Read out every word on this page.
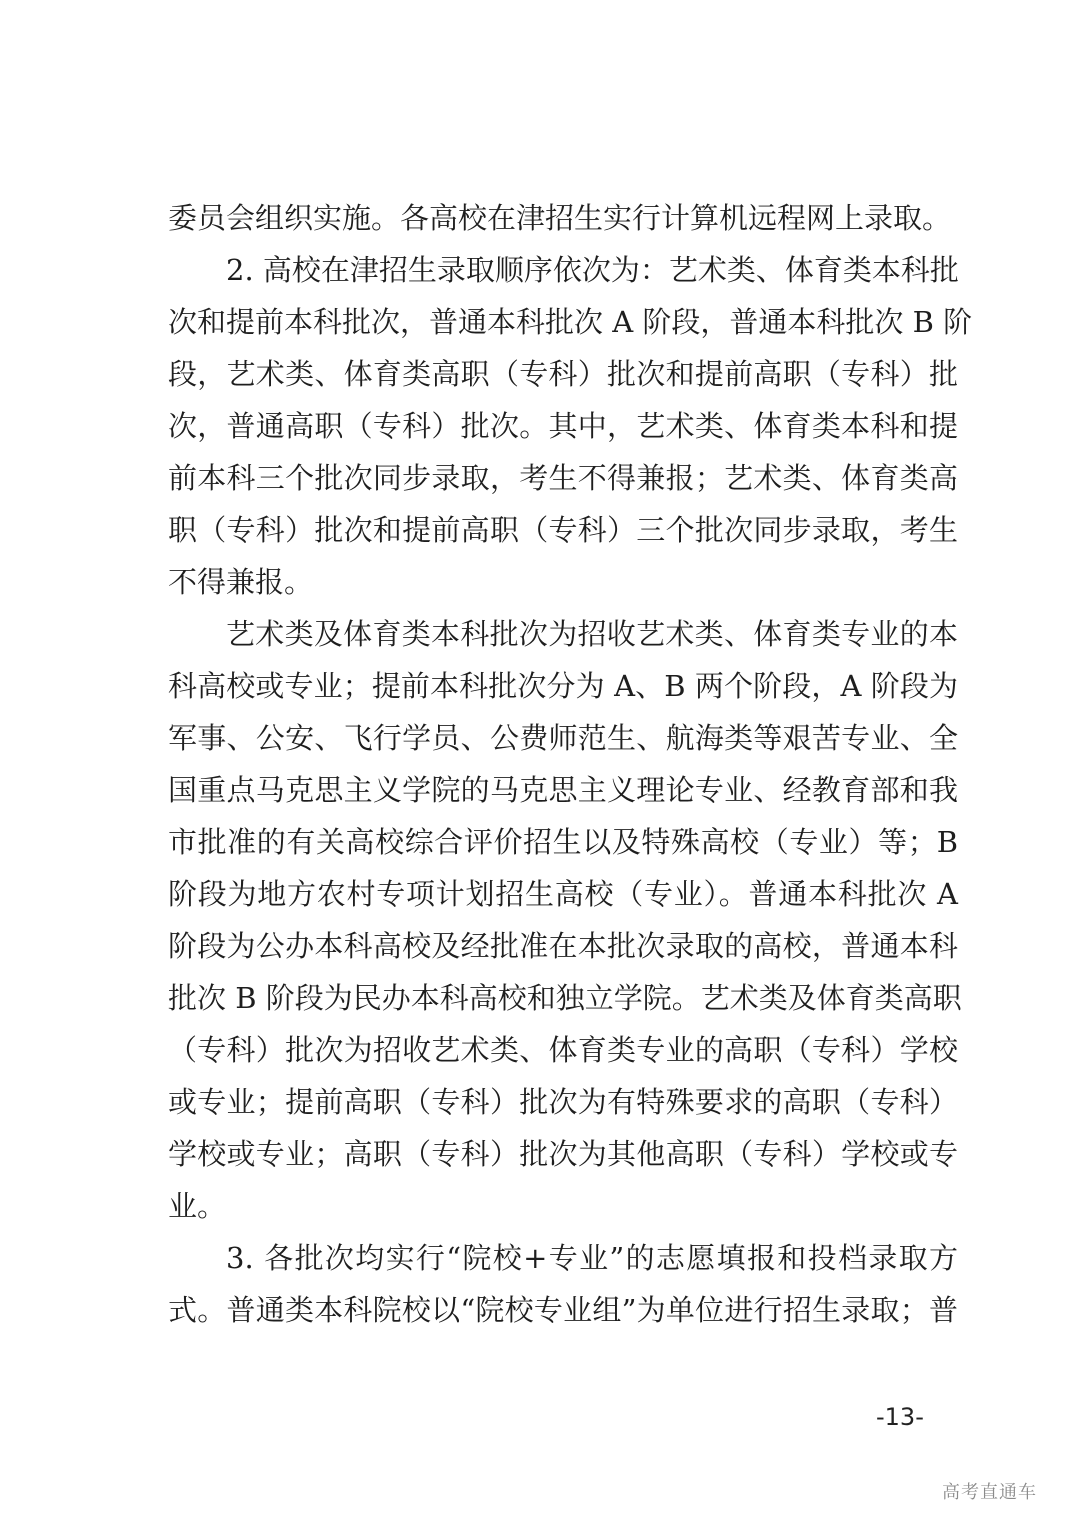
委员会组织实施。各高校在津招生实行计算机远程网上录取。
2. 高校在津招生录取顺序依次为：艺术类、体育类本科批
次和提前本科批次，普通本科批次 A 阶段，普通本科批次 B 阶
段，艺术类、体育类高职（专科）批次和提前高职（专科）批
次，普通高职（专科）批次。其中，艺术类、体育类本科和提
前本科三个批次同步录取，考生不得兼报；艺术类、体育类高
职（专科）批次和提前高职（专科）三个批次同步录取，考生
不得兼报。
艺术类及体育类本科批次为招收艺术类、体育类专业的本
科高校或专业；提前本科批次分为 A、B 两个阶段，A 阶段为
军事、公安、飞行学员、公费师范生、航海类等艰苦专业、全
国重点马克思主义学院的马克思主义理论专业、经教育部和我
市批准的有关高校综合评价招生以及特殊高校（专业）等；B
阶段为地方农村专项计划招生高校（专业）。普通本科批次 A
阶段为公办本科高校及经批准在本批次录取的高校，普通本科
批次 B 阶段为民办本科高校和独立学院。艺术类及体育类高职
（专科）批次为招收艺术类、体育类专业的高职（专科）学校
或专业；提前高职（专科）批次为有特殊要求的高职（专科）
学校或专业；高职（专科）批次为其他高职（专科）学校或专
业。
3. 各批次均实行“院校+专业”的志愿填报和投档录取方
式。普通类本科院校以“院校专业组”为单位进行招生录取；普
-13-
高考直通车
